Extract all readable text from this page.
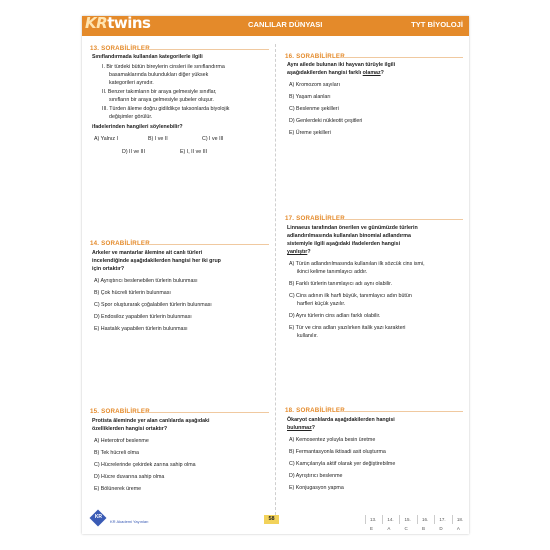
KRtwins	CANLILAR DÜNYASI	TYT BİYOLOJİ
13. SORABİLİRLER
Sınıflandırmada kullanılan kategorilerle ilgili
I. Bir türdeki bütün bireylerin cinsleri ile sınıflandırma
basamaklarında bulundukları diğer yüksek
kategorileri aynıdır.
II. Benzer takımların bir araya gelmesiyle sınıflar,
sınıfların bir araya gelmesiyle şubeler oluşur.
III. Türden âleme doğru gidildikçe taksonlarda biyolojik
değişimler görülür.
ifadelerinden hangileri söylenebilir?
A) Yalnız I	B) I ve II	C) I ve III
D) II ve III	E) I, II ve III
14. SORABİLİRLER
Arkeler ve mantarlar âlemine ait canlı türleri
incelendiğinde aşağıdakilerden hangisi her iki grup
için ortaktır?
A) Ayrıştırıcı beslenebilen türlerin bulunması
B) Çok hücreli türlerin bulunması
C) Spor oluşturarak çoğalabilen türlerin bulunması
D) Endosiloz yapabilen türlerin bulunması
E) Hastalık yapabilen türlerin bulunması
15. SORABİLİRLER
Protista âleminde yer alan canlılarda aşağıdaki
özelliklerden hangisi ortaktır?
A) Heterotrof beslenme
B) Tek hücreli olma
C) Hücrelerinde çekirdek zarına sahip olma
D) Hücre duvarına sahip olma
E) Bölünerek üreme
16. SORABİLİRLER
Aynı ailede bulunan iki hayvan türüyle ilgili
aşağıdakilerden hangisi farklı olamaz?
A) Kromozom sayıları
B) Yaşam alanları
C) Beslenme şekilleri
D) Genlerdeki nükleotit çeşitleri
E) Üreme şekilleri
17. SORABİLİRLER
Linnaeus tarafından önerilen ve günümüzde türlerin
adlandırılmasında kullanılan binomial adlandırma
sistemiyle ilgili aşağıdaki ifadelerden hangisi
yanlıştır?
A) Türün adlandırılmasında kullanılan ilk sözcük cins ismi,
ikinci kelime tanımlayıcı addır.
B) Farklı türlerin tanımlayıcı adı aynı olabilir.
C) Cins adının ilk harfi büyük, tanımlayıcı adın bütün
harfleri küçük yazılır.
D) Aynı türlerin cins adları farklı olabilir.
E) Tür ve cins adları yazılırken italik yazı karakteri
kullanılır.
18. SORABİLİRLER
Ökaryot canlılarda aşağıdakilerden hangisi
bulunmaz?
A) Kemosentez yoluyla besin üretme
B) Fermantasyonla iktisadi asit oluşturma
C) Kamçılarıyla aktif olarak yer değiştirebilme
D) Ayrıştırıcı beslenme
E) Konjugasyon yapma
KR
KR Akademi Yayınları	58	13. E
14. A
15. C
16. B
17. D
18. A
